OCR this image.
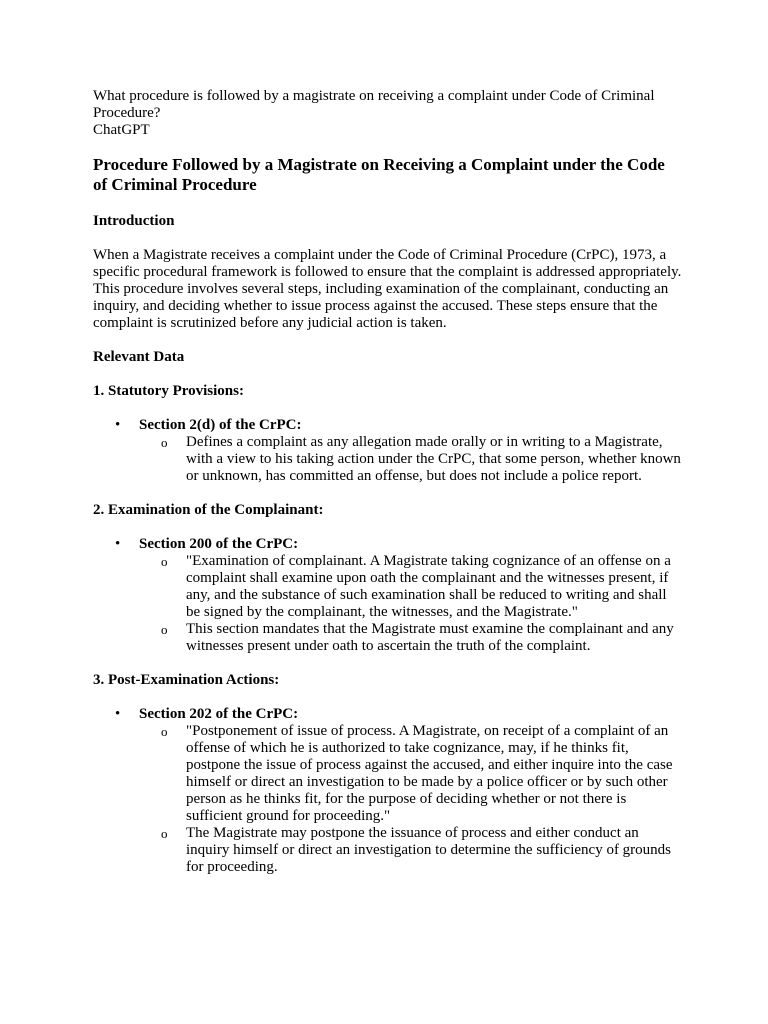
What procedure is followed by a magistrate on receiving a complaint under Code of Criminal Procedure?

ChatGPT

Procedure Followed by a Magistrate on Receiving a Complaint under the Code of Criminal Procedure
Introduction

When a Magistrate receives a complaint under the Code of Criminal Procedure (CrPC), 1973, a specific procedural framework is followed to ensure that the complaint is addressed appropriately. This procedure involves several steps, including examination of the complainant, conducting an inquiry, and deciding whether to issue process against the accused. These steps ensure that the complaint is scrutinized before any judicial action is taken.

Relevant Data
1. Statutory Provisions:
• Section 2(d) of the CrPC:
o Defines a complaint as any allegation made orally or in writing to a Magistrate, with a view to his taking action under the CrPC, that some person, whether known or unknown, has committed an offense, but does not include a police report.
2. Examination of the Complainant:
• Section 200 of the CrPC:
o "Examination of complainant. A Magistrate taking cognizance of an offense on a complaint shall examine upon oath the complainant and the witnesses present, if any, and the substance of such examination shall be reduced to writing and shall be signed by the complainant, the witnesses, and the Magistrate."
o This section mandates that the Magistrate must examine the complainant and any witnesses present under oath to ascertain the truth of the complaint.
3. Post-Examination Actions:
• Section 202 of the CrPC:
o "Postponement of issue of process. A Magistrate, on receipt of a complaint of an offense of which he is authorized to take cognizance, may, if he thinks fit, postpone the issue of process against the accused, and either inquire into the case himself or direct an investigation to be made by a police officer or by such other person as he thinks fit, for the purpose of deciding whether or not there is sufficient ground for proceeding."
o The Magistrate may postpone the issuance of process and either conduct an inquiry himself or direct an investigation to determine the sufficiency of grounds for proceeding.
